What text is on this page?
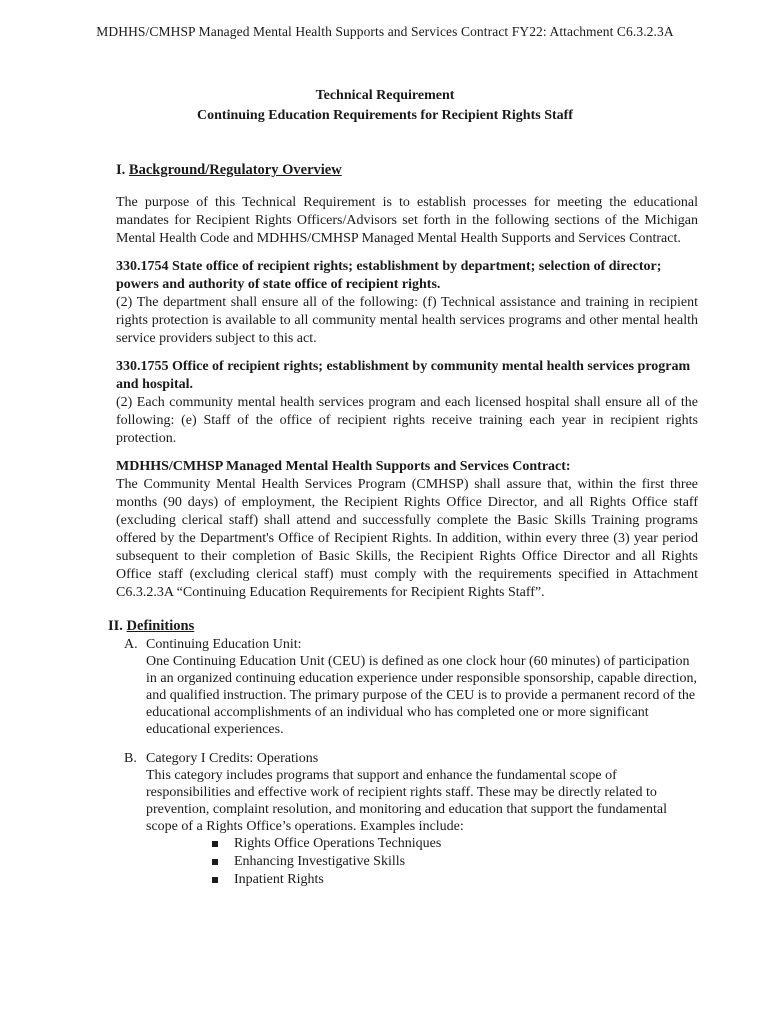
MDHHS/CMHSP Managed Mental Health Supports and Services Contract FY22: Attachment C6.3.2.3A
Technical Requirement
Continuing Education Requirements for Recipient Rights Staff
I. Background/Regulatory Overview

The purpose of this Technical Requirement is to establish processes for meeting the educational mandates for Recipient Rights Officers/Advisors set forth in the following sections of the Michigan Mental Health Code and MDHHS/CMHSP Managed Mental Health Supports and Services Contract.

330.1754 State office of recipient rights; establishment by department; selection of director; powers and authority of state office of recipient rights.

(2) The department shall ensure all of the following: (f) Technical assistance and training in recipient rights protection is available to all community mental health services programs and other mental health service providers subject to this act.

330.1755 Office of recipient rights; establishment by community mental health services program and hospital.

(2) Each community mental health services program and each licensed hospital shall ensure all of the following: (e) Staff of the office of recipient rights receive training each year in recipient rights protection.

MDHHS/CMHSP Managed Mental Health Supports and Services Contract:

The Community Mental Health Services Program (CMHSP) shall assure that, within the first three months (90 days) of employment, the Recipient Rights Office Director, and all Rights Office staff (excluding clerical staff) shall attend and successfully complete the Basic Skills Training programs offered by the Department's Office of Recipient Rights. In addition, within every three (3) year period subsequent to their completion of Basic Skills, the Recipient Rights Office Director and all Rights Office staff (excluding clerical staff) must comply with the requirements specified in Attachment C6.3.2.3A “Continuing Education Requirements for Recipient Rights Staff”.

II. Definitions
A. Continuing Education Unit:
One Continuing Education Unit (CEU) is defined as one clock hour (60 minutes) of participation in an organized continuing education experience under responsible sponsorship, capable direction, and qualified instruction. The primary purpose of the CEU is to provide a permanent record of the educational accomplishments of an individual who has completed one or more significant educational experiences.
B. Category I Credits: Operations
This category includes programs that support and enhance the fundamental scope of responsibilities and effective work of recipient rights staff. These may be directly related to prevention, complaint resolution, and monitoring and education that support the fundamental scope of a Rights Office’s operations. Examples include:
Rights Office Operations Techniques
Enhancing Investigative Skills
Inpatient Rights
